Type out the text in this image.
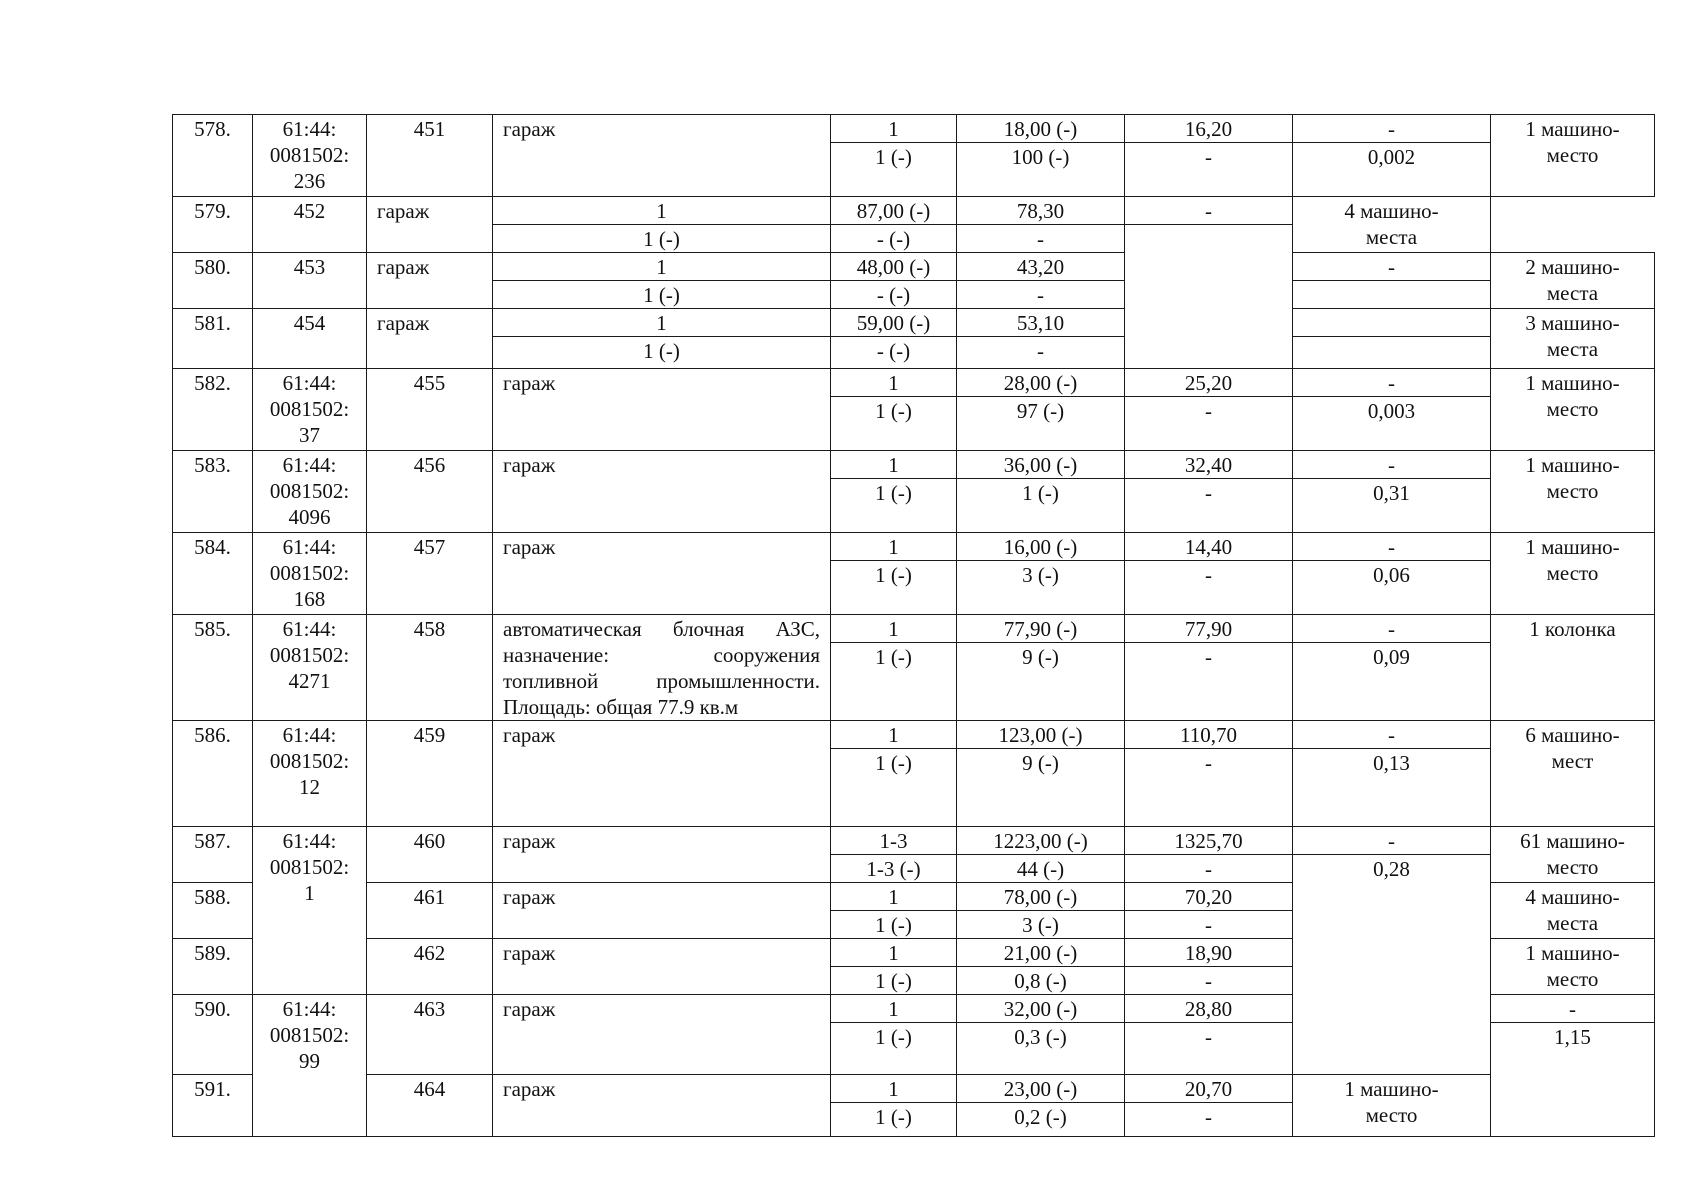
578.	61:44:
0081502:
236	451	гараж	1	18,00 (-)	16,20	-	1 машино-
место	
				1 (-)	100 (-)	-	0,002		
579.	452	гараж	1	87,00 (-)	78,30	-	4 машино-
места		
			1 (-)	- (-)	-				
580.	453	гараж	1	48,00 (-)	43,20		-	2 машино-
места	
			1 (-)	- (-)	-				
581.	454	гараж	1	59,00 (-)	53,10			3 машино-
места	
			1 (-)	- (-)	-				
582.	61:44:
0081502:
37	455	гараж	1	28,00 (-)	25,20	-	1 машино-
место	
				1 (-)	97 (-)	-	0,003		
583.	61:44:
0081502:
4096	456	гараж	1	36,00 (-)	32,40	-	1 машино-
место	
				1 (-)	1 (-)	-	0,31		
584.	61:44:
0081502:
168	457	гараж	1	16,00 (-)	14,40	-	1 машино-
место	
				1 (-)	3 (-)	-	0,06		
585.	61:44:
0081502:
4271	458	автоматическая блочная АЗС, назначение: сооружения топливной промышленности. Площадь: общая 77.9 кв.м	1	77,90 (-)	77,90	-	1 колонка	
				1 (-)	9 (-)	-	0,09		
586.	61:44:
0081502:
12	459	гараж	1	123,00 (-)	110,70	-	6 машино-
мест	
				1 (-)	9 (-)	-	0,13		
587.	61:44:
0081502:
1	460	гараж	1-3	1223,00 (-)	1325,70	-	61 машино-
место	
				1-3 (-)	44 (-)	-	0,28		
588.		461	гараж	1	78,00 (-)	70,20		4 машино-
места	
				1 (-)	3 (-)	-			
589.		462	гараж	1	21,00 (-)	18,90		1 машино-
место	
				1 (-)	0,8 (-)	-			
590.	61:44:
0081502:
99	463	гараж	1	32,00 (-)	28,80		-	
				1 (-)	0,3 (-)	-		1,15	
591.		464	гараж	1	23,00 (-)	20,70	1 машино-
место		
				1 (-)	0,2 (-)	-			
